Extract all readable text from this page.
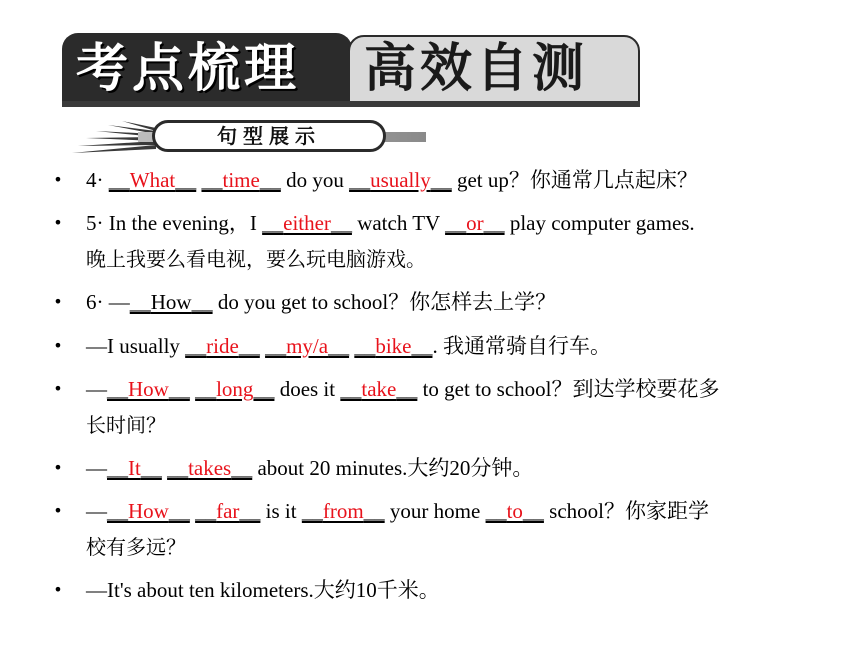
考点梳理 高效自测
句型展示
• 4· __What__ __time__ do you __usually__ get up？你通常几点起床？
• 5· In the evening，I __either__ watch TV __or__ play computer games.
晚上我要么看电视，要么玩电脑游戏。
• 6· —__How__ do you get to school？你怎样去上学？
• —I usually __ride__ __my/a__ __bike__. 我通常骑自行车。
• —__How__ __long__ does it __take__ to get to school？到达学校要花多
长时间？
• —__It__ __takes__ about 20 minutes.大约20分钟。
• —__How__ __far__ is it __from__ your home __to__ school？你家距学
校有多远？
• —It's about ten kilometers.大约10千米。
